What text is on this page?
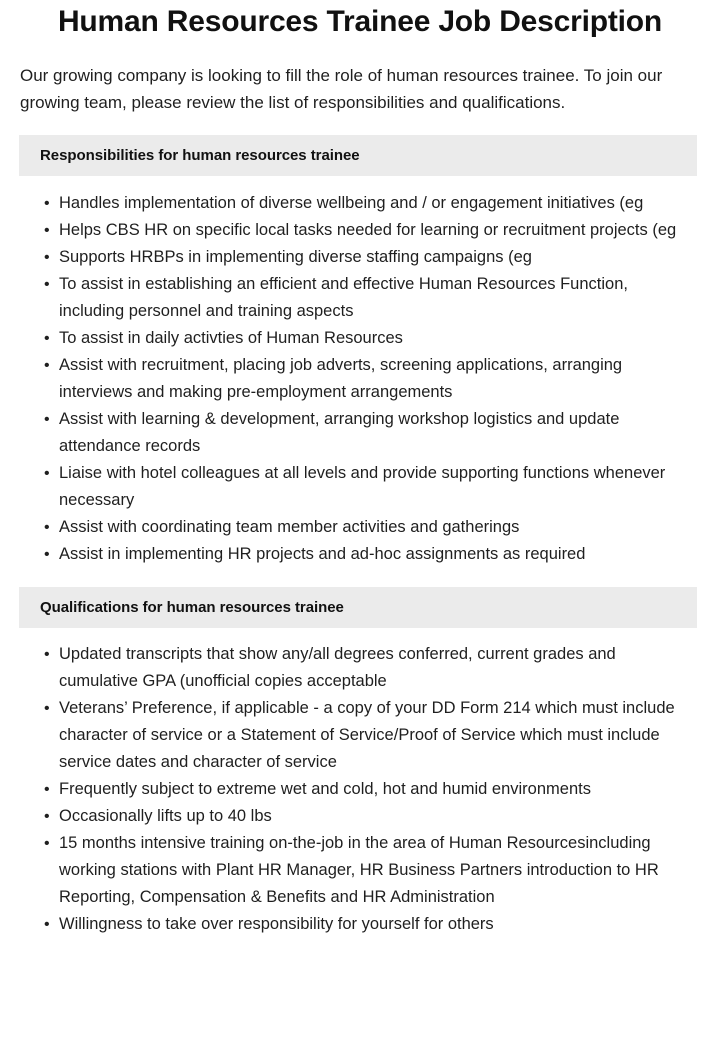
Human Resources Trainee Job Description

Our growing company is looking to fill the role of human resources trainee. To join our growing team, please review the list of responsibilities and qualifications.

Responsibilities for human resources trainee
• Handles implementation of diverse wellbeing and / or engagement initiatives (eg
• Helps CBS HR on specific local tasks needed for learning or recruitment projects (eg
• Supports HRBPs in implementing diverse staffing campaigns (eg
• To assist in establishing an efficient and effective Human Resources Function, including personnel and training aspects
• To assist in daily activties of Human Resources
• Assist with recruitment, placing job adverts, screening applications, arranging interviews and making pre-employment arrangements
• Assist with learning & development, arranging workshop logistics and update attendance records
• Liaise with hotel colleagues at all levels and provide supporting functions whenever necessary
• Assist with coordinating team member activities and gatherings
• Assist in implementing HR projects and ad-hoc assignments as required
Qualifications for human resources trainee
• Updated transcripts that show any/all degrees conferred, current grades and cumulative GPA (unofficial copies acceptable
• Veterans’ Preference, if applicable - a copy of your DD Form 214 which must include character of service or a Statement of Service/Proof of Service which must include service dates and character of service
• Frequently subject to extreme wet and cold, hot and humid environments
• Occasionally lifts up to 40 lbs
• 15 months intensive training on-the-job in the area of Human Resourcesincluding working stations with Plant HR Manager, HR Business Partners introduction to HR Reporting, Compensation & Benefits and HR Administration
• Willingness to take over responsibility for yourself for others
